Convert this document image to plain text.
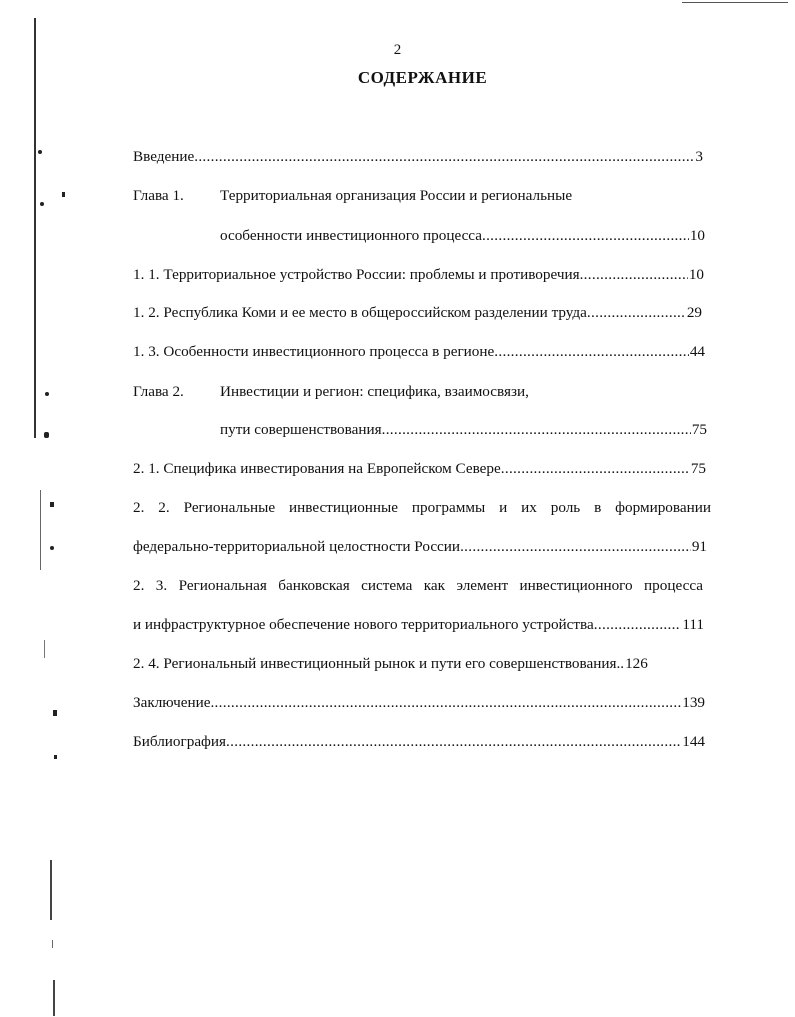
2
СОДЕРЖАНИЕ
Введение .....	3
Глава 1. Территориальная организация России и региональные
особенности инвестиционного процесса .....	10
1. 1. Территориальное устройство России: проблемы и противоречия .....	10
1. 2. Республика Коми и ее место в общероссийском разделении труда .....	29
1. 3. Особенности инвестиционного процесса в регионе .....	44
Глава 2. Инвестиции и регион: специфика, взаимосвязи,
пути совершенствования .....	75
2. 1. Специфика инвестирования на Европейском Севере .....	75
2. 2. Региональные инвестиционные программы и их роль в формировании
федерально-территориальной целостности России .....	91
2. 3. Региональная банковская система как элемент инвестиционного процесса
и инфраструктурное обеспечение нового территориального устройства .....	111
2. 4. Региональный инвестиционный рынок и пути его совершенствования.. 126
Заключение .....	139
Библиография .....	144
